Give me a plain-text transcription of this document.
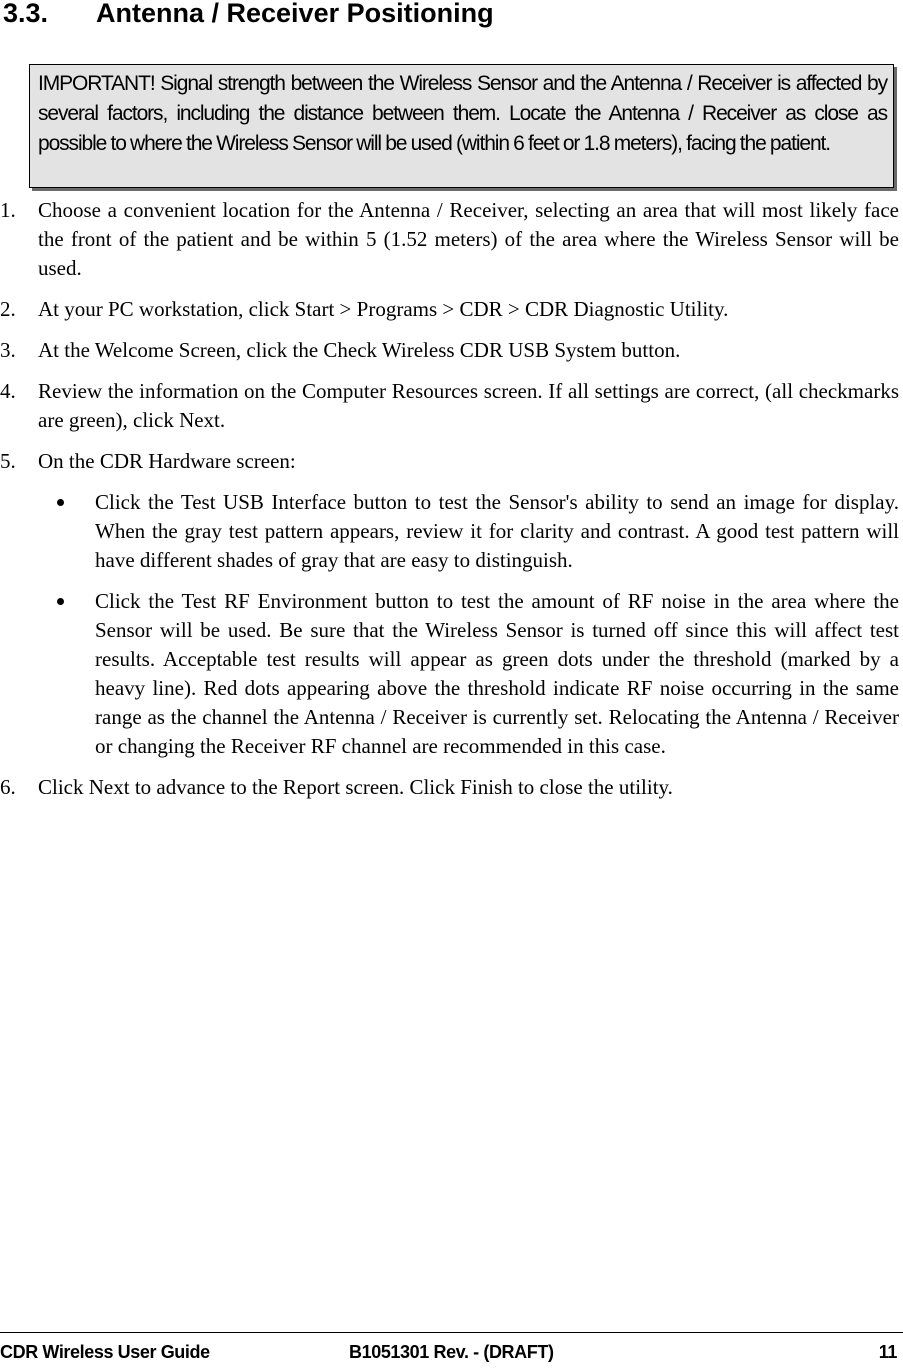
3.3. Antenna / Receiver Positioning
IMPORTANT! Signal strength between the Wireless Sensor and the Antenna / Receiver is affected by several factors, including the distance between them. Locate the Antenna / Receiver as close as possible to where the Wireless Sensor will be used (within 6 feet or 1.8 meters), facing the patient.
1. Choose a convenient location for the Antenna / Receiver, selecting an area that will most likely face the front of the patient and be within 5 (1.52 meters) of the area where the Wireless Sensor will be used.
2. At your PC workstation, click Start > Programs > CDR > CDR Diagnostic Utility.
3. At the Welcome Screen, click the Check Wireless CDR USB System button.
4. Review the information on the Computer Resources screen. If all settings are correct, (all checkmarks are green), click Next.
5. On the CDR Hardware screen:
Click the Test USB Interface button to test the Sensor's ability to send an image for display. When the gray test pattern appears, review it for clarity and contrast. A good test pattern will have different shades of gray that are easy to distinguish.
Click the Test RF Environment button to test the amount of RF noise in the area where the Sensor will be used. Be sure that the Wireless Sensor is turned off since this will affect test results. Acceptable test results will appear as green dots under the threshold (marked by a heavy line). Red dots appearing above the threshold indicate RF noise occurring in the same range as the channel the Antenna / Receiver is currently set. Relocating the Antenna / Receiver or changing the Receiver RF channel are recommended in this case.
6. Click Next to advance to the Report screen. Click Finish to close the utility.
CDR Wireless User Guide	B1051301 Rev. - (DRAFT)	11
